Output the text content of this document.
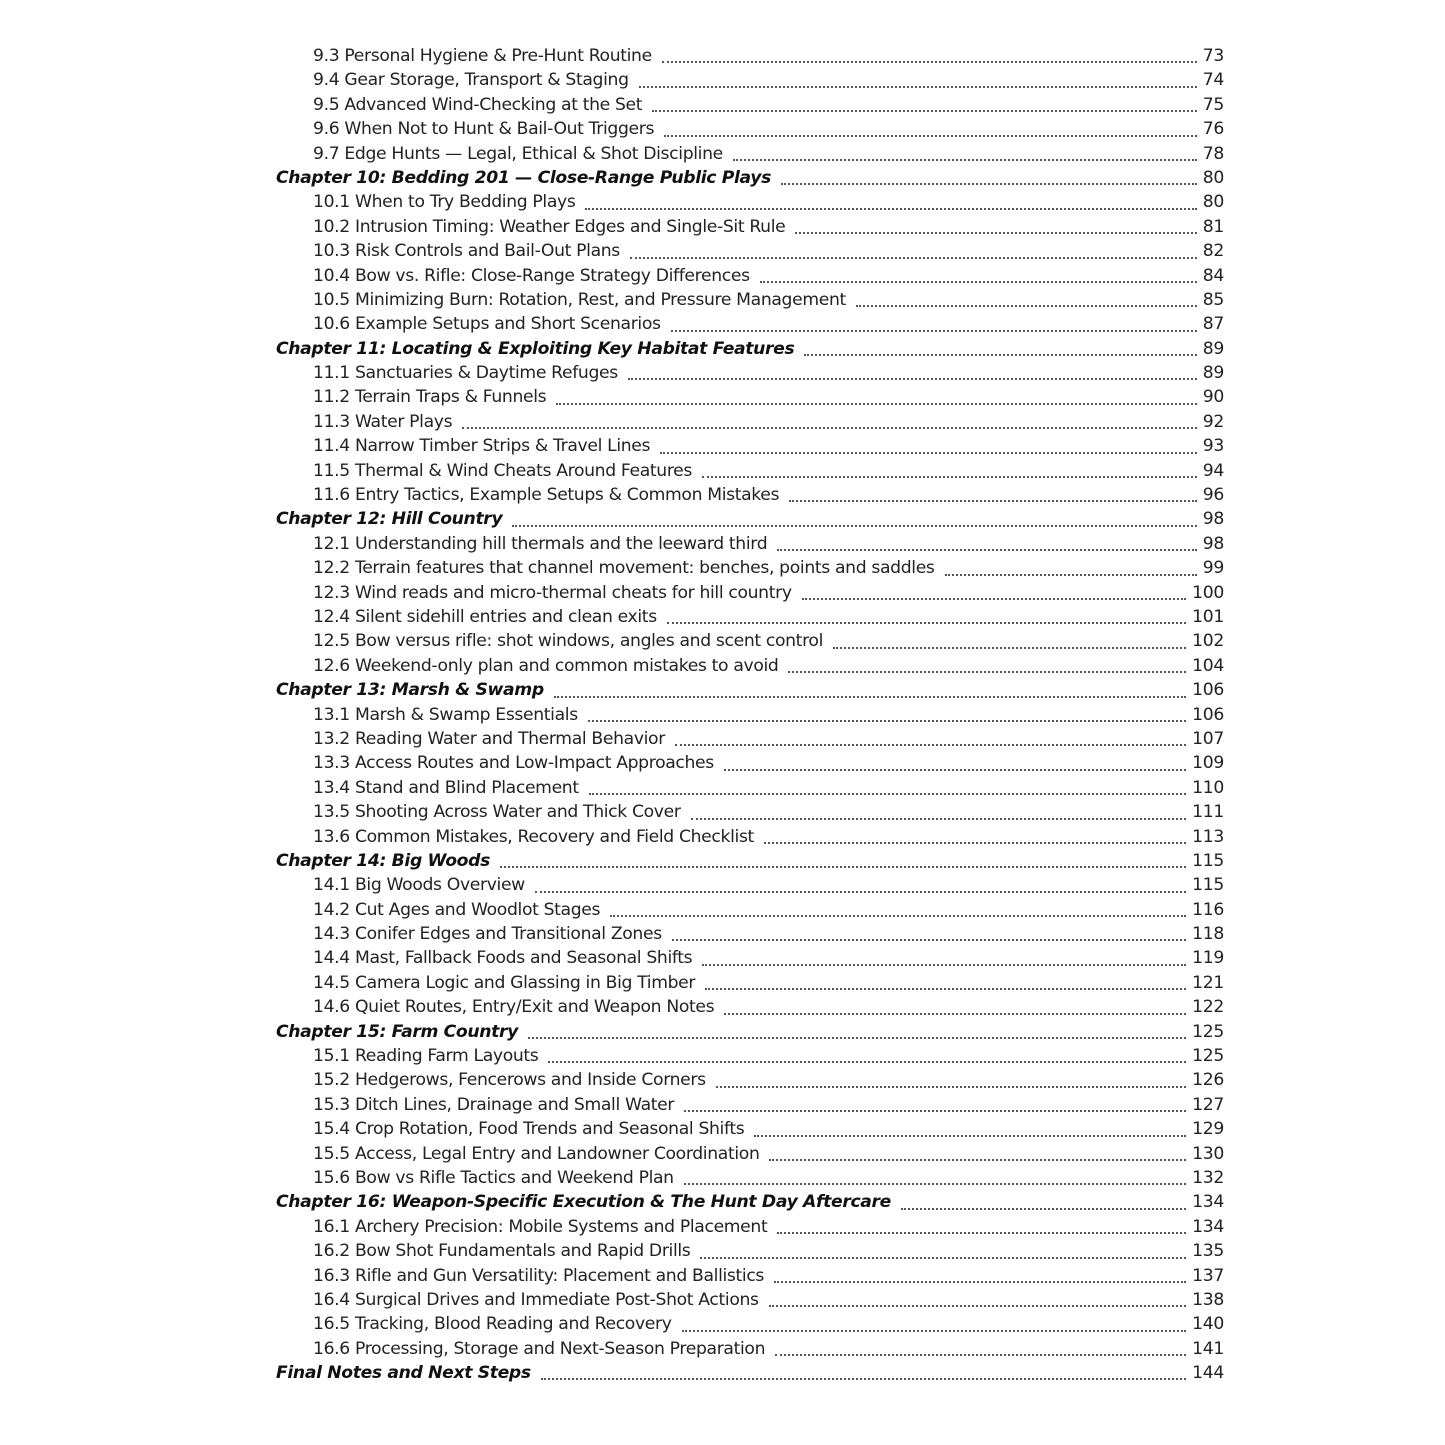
9.3 Personal Hygiene & Pre-Hunt Routine	73
9.4 Gear Storage, Transport & Staging	74
9.5 Advanced Wind-Checking at the Set	75
9.6 When Not to Hunt & Bail-Out Triggers	76
9.7 Edge Hunts — Legal, Ethical & Shot Discipline	78
Chapter 10: Bedding 201 — Close-Range Public Plays	80
10.1 When to Try Bedding Plays	80
10.2 Intrusion Timing: Weather Edges and Single-Sit Rule	81
10.3 Risk Controls and Bail-Out Plans	82
10.4 Bow vs. Rifle: Close-Range Strategy Differences	84
10.5 Minimizing Burn: Rotation, Rest, and Pressure Management	85
10.6 Example Setups and Short Scenarios	87
Chapter 11: Locating & Exploiting Key Habitat Features	89
11.1 Sanctuaries & Daytime Refuges	89
11.2 Terrain Traps & Funnels	90
11.3 Water Plays	92
11.4 Narrow Timber Strips & Travel Lines	93
11.5 Thermal & Wind Cheats Around Features	94
11.6 Entry Tactics, Example Setups & Common Mistakes	96
Chapter 12: Hill Country	98
12.1 Understanding hill thermals and the leeward third	98
12.2 Terrain features that channel movement: benches, points and saddles	99
12.3 Wind reads and micro-thermal cheats for hill country	100
12.4 Silent sidehill entries and clean exits	101
12.5 Bow versus rifle: shot windows, angles and scent control	102
12.6 Weekend-only plan and common mistakes to avoid	104
Chapter 13: Marsh & Swamp	106
13.1 Marsh & Swamp Essentials	106
13.2 Reading Water and Thermal Behavior	107
13.3 Access Routes and Low-Impact Approaches	109
13.4 Stand and Blind Placement	110
13.5 Shooting Across Water and Thick Cover	111
13.6 Common Mistakes, Recovery and Field Checklist	113
Chapter 14: Big Woods	115
14.1 Big Woods Overview	115
14.2 Cut Ages and Woodlot Stages	116
14.3 Conifer Edges and Transitional Zones	118
14.4 Mast, Fallback Foods and Seasonal Shifts	119
14.5 Camera Logic and Glassing in Big Timber	121
14.6 Quiet Routes, Entry/Exit and Weapon Notes	122
Chapter 15: Farm Country	125
15.1 Reading Farm Layouts	125
15.2 Hedgerows, Fencerows and Inside Corners	126
15.3 Ditch Lines, Drainage and Small Water	127
15.4 Crop Rotation, Food Trends and Seasonal Shifts	129
15.5 Access, Legal Entry and Landowner Coordination	130
15.6 Bow vs Rifle Tactics and Weekend Plan	132
Chapter 16: Weapon-Specific Execution & The Hunt Day Aftercare	134
16.1 Archery Precision: Mobile Systems and Placement	134
16.2 Bow Shot Fundamentals and Rapid Drills	135
16.3 Rifle and Gun Versatility: Placement and Ballistics	137
16.4 Surgical Drives and Immediate Post-Shot Actions	138
16.5 Tracking, Blood Reading and Recovery	140
16.6 Processing, Storage and Next-Season Preparation	141
Final Notes and Next Steps	144
